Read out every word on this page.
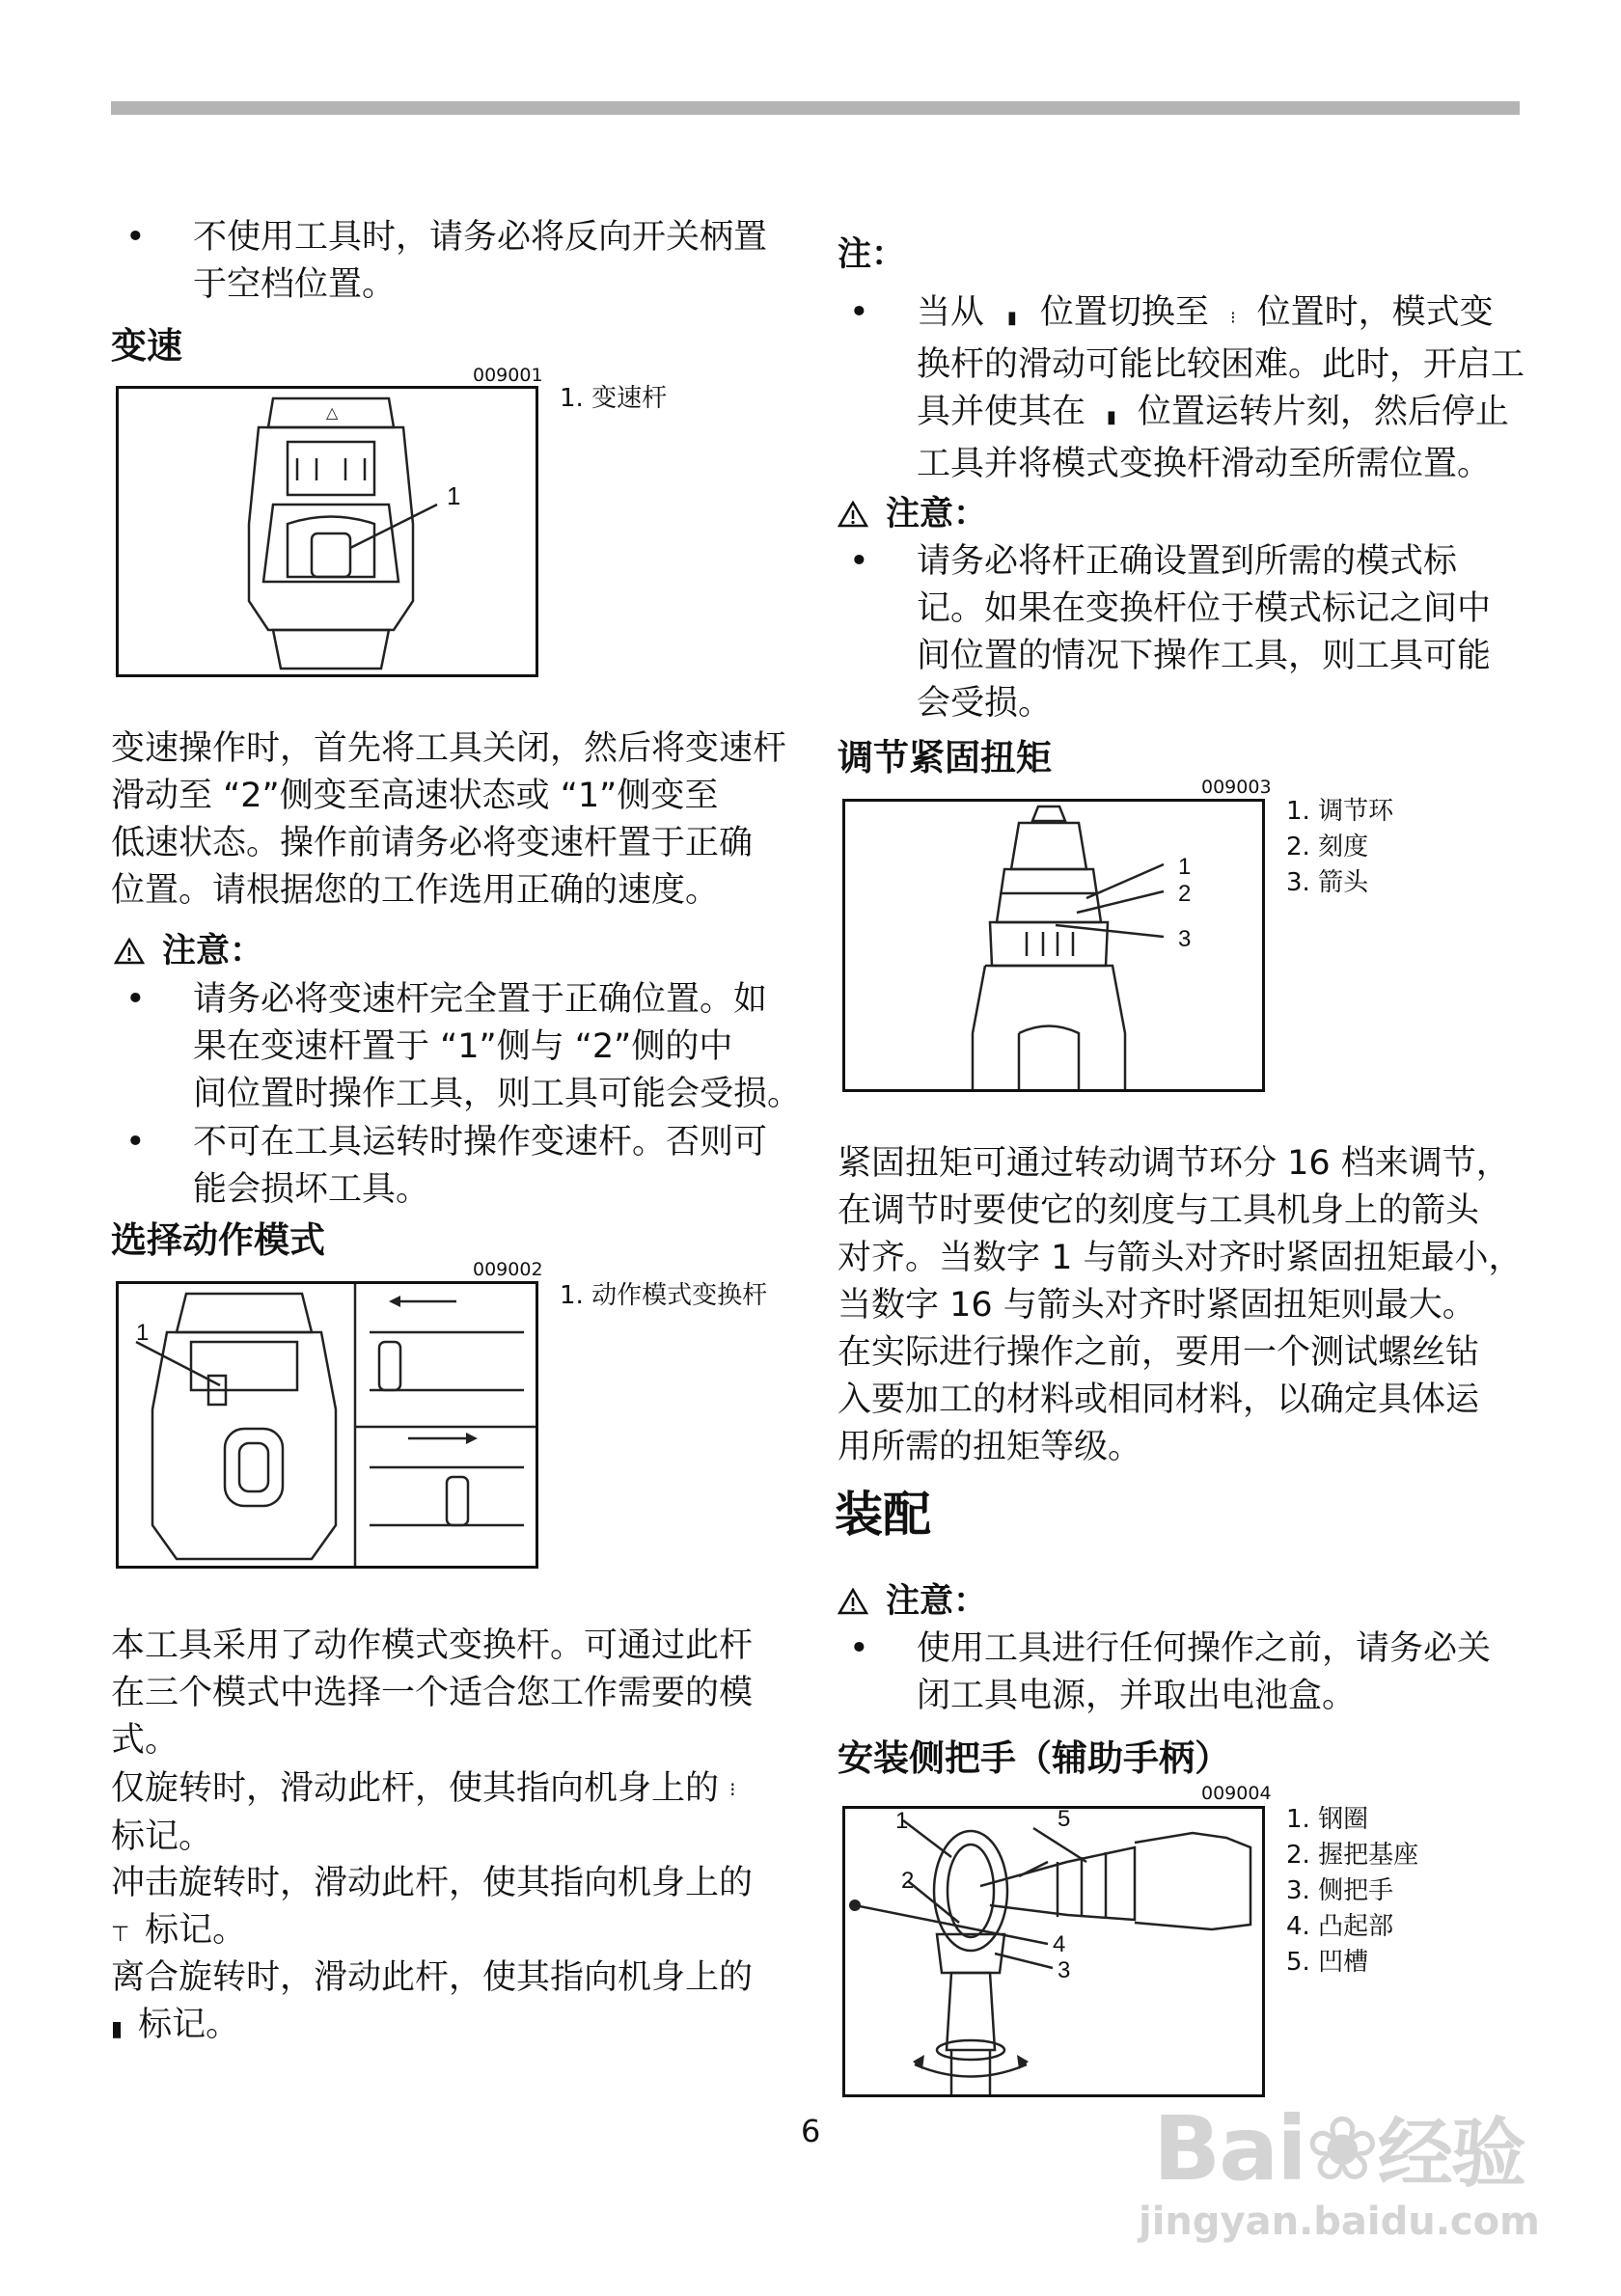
• 不使用工具时，请务必将反向开关柄置
于空档位置。
变速
009001
△
1
1. 变速杆
变速操作时，首先将工具关闭，然后将变速杆
滑动至 “2”侧变至高速状态或 “1”侧变至
低速状态。操作前请务必将变速杆置于正确
位置。请根据您的工作选用正确的速度。
注意：
• 请务必将变速杆完全置于正确位置。如
果在变速杆置于 “1”侧与 “2”侧的中
间位置时操作工具，则工具可能会受损。
• 不可在工具运转时操作变速杆。否则可
能会损坏工具。
选择动作模式
009002
1
1. 动作模式变换杆
本工具采用了动作模式变换杆。可通过此杆
在三个模式中选择一个适合您工作需要的模
式。
仅旋转时，滑动此杆，使其指向机身上的 ⁝
标记。
冲击旋转时，滑动此杆，使其指向机身上的
⊤ 标记。
离合旋转时，滑动此杆，使其指向机身上的
▮ 标记。
注：
• 当从 ▮ 位置切换至 ⁝ 位置时，模式变
换杆的滑动可能比较困难。此时，开启工
具并使其在 ▮ 位置运转片刻，然后停止
工具并将模式变换杆滑动至所需位置。
注意：
• 请务必将杆正确设置到所需的模式标
记。如果在变换杆位于模式标记之间中
间位置的情况下操作工具，则工具可能
会受损。
调节紧固扭矩
009003
1
2
3
1. 调节环
2. 刻度
3. 箭头
紧固扭矩可通过转动调节环分 16 档来调节，
在调节时要使它的刻度与工具机身上的箭头
对齐。当数字 1 与箭头对齐时紧固扭矩最小，
当数字 16 与箭头对齐时紧固扭矩则最大。
在实际进行操作之前，要用一个测试螺丝钻
入要加工的材料或相同材料，以确定具体运
用所需的扭矩等级。
装配
注意：
• 使用工具进行任何操作之前，请务必关
闭工具电源，并取出电池盒。
安装侧把手（辅助手柄）
009004
1
2
3
4
5	1. 钢圈
2. 握把基座
3. 侧把手
4. 凸起部
5. 凹槽
6	Bai❀经验
jingyan.baidu.com
